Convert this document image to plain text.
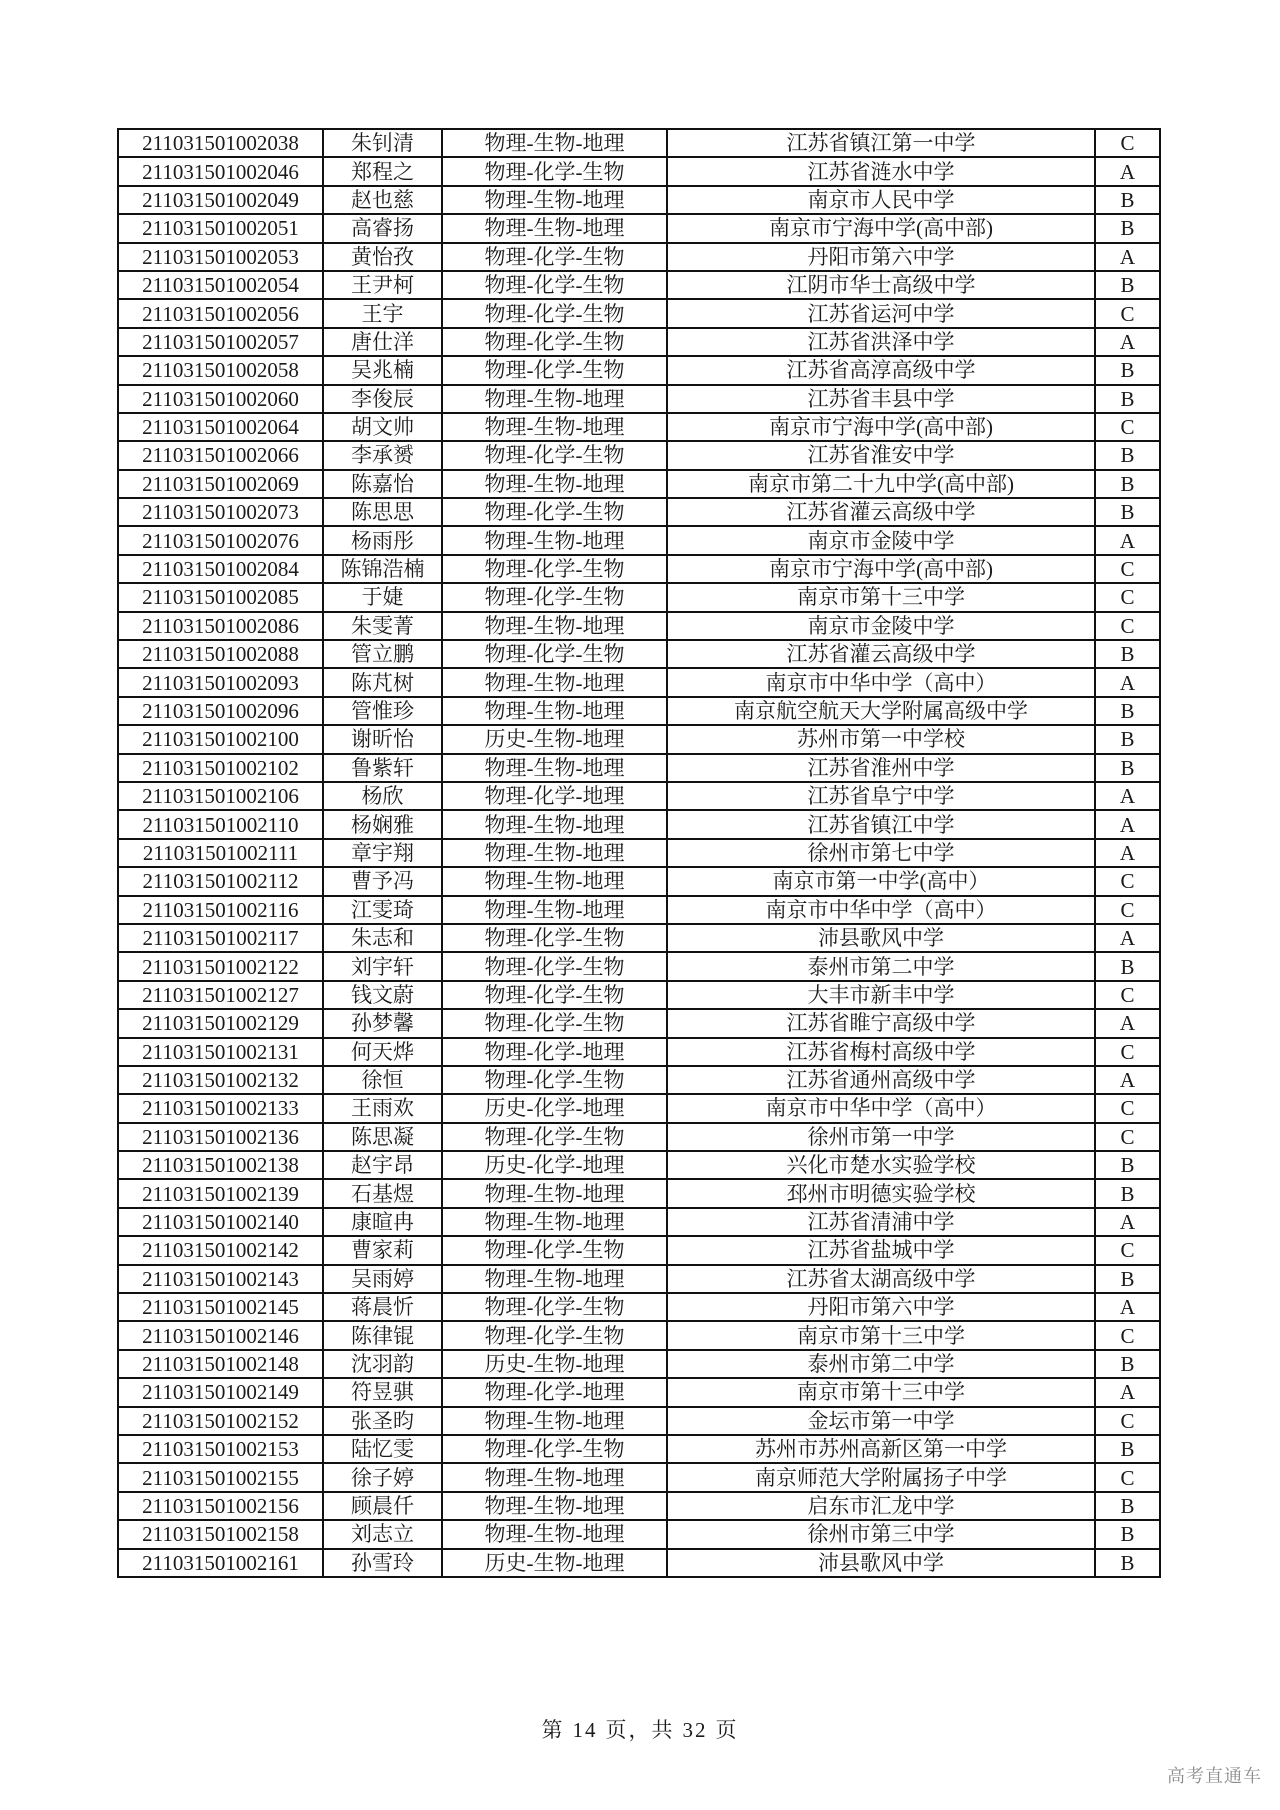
211031501002038	朱钊清	物理-生物-地理	江苏省镇江第一中学	C
211031501002046	郑程之	物理-化学-生物	江苏省涟水中学	A
211031501002049	赵也慈	物理-生物-地理	南京市人民中学	B
211031501002051	高睿扬	物理-生物-地理	南京市宁海中学(高中部)	B
211031501002053	黄怡孜	物理-化学-生物	丹阳市第六中学	A
211031501002054	王尹柯	物理-化学-生物	江阴市华士高级中学	B
211031501002056	王宇	物理-化学-生物	江苏省运河中学	C
211031501002057	唐仕洋	物理-化学-生物	江苏省洪泽中学	A
211031501002058	吴兆楠	物理-化学-生物	江苏省高淳高级中学	B
211031501002060	李俊辰	物理-生物-地理	江苏省丰县中学	B
211031501002064	胡文帅	物理-生物-地理	南京市宁海中学(高中部)	C
211031501002066	李承赟	物理-化学-生物	江苏省淮安中学	B
211031501002069	陈嘉怡	物理-生物-地理	南京市第二十九中学(高中部)	B
211031501002073	陈思思	物理-化学-生物	江苏省灌云高级中学	B
211031501002076	杨雨彤	物理-生物-地理	南京市金陵中学	A
211031501002084	陈锦浩楠	物理-化学-生物	南京市宁海中学(高中部)	C
211031501002085	于婕	物理-化学-生物	南京市第十三中学	C
211031501002086	朱雯菁	物理-生物-地理	南京市金陵中学	C
211031501002088	管立鹏	物理-化学-生物	江苏省灌云高级中学	B
211031501002093	陈芃树	物理-生物-地理	南京市中华中学（高中）	A
211031501002096	管惟珍	物理-生物-地理	南京航空航天大学附属高级中学	B
211031501002100	谢昕怡	历史-生物-地理	苏州市第一中学校	B
211031501002102	鲁紫轩	物理-生物-地理	江苏省淮州中学	B
211031501002106	杨欣	物理-化学-地理	江苏省阜宁中学	A
211031501002110	杨娴雅	物理-生物-地理	江苏省镇江中学	A
211031501002111	章宇翔	物理-生物-地理	徐州市第七中学	A
211031501002112	曹予冯	物理-生物-地理	南京市第一中学(高中）	C
211031501002116	江雯琦	物理-生物-地理	南京市中华中学（高中）	C
211031501002117	朱志和	物理-化学-生物	沛县歌风中学	A
211031501002122	刘宇轩	物理-化学-生物	泰州市第二中学	B
211031501002127	钱文蔚	物理-化学-生物	大丰市新丰中学	C
211031501002129	孙梦馨	物理-化学-生物	江苏省睢宁高级中学	A
211031501002131	何天烨	物理-化学-地理	江苏省梅村高级中学	C
211031501002132	徐恒	物理-化学-生物	江苏省通州高级中学	A
211031501002133	王雨欢	历史-化学-地理	南京市中华中学（高中）	C
211031501002136	陈思凝	物理-化学-生物	徐州市第一中学	C
211031501002138	赵宇昂	历史-化学-地理	兴化市楚水实验学校	B
211031501002139	石基煜	物理-生物-地理	邳州市明德实验学校	B
211031501002140	康暄冉	物理-生物-地理	江苏省清浦中学	A
211031501002142	曹家莉	物理-化学-生物	江苏省盐城中学	C
211031501002143	吴雨婷	物理-生物-地理	江苏省太湖高级中学	B
211031501002145	蒋晨忻	物理-化学-生物	丹阳市第六中学	A
211031501002146	陈律锟	物理-化学-生物	南京市第十三中学	C
211031501002148	沈羽韵	历史-生物-地理	泰州市第二中学	B
211031501002149	符昱骐	物理-化学-地理	南京市第十三中学	A
211031501002152	张圣昀	物理-生物-地理	金坛市第一中学	C
211031501002153	陆忆雯	物理-化学-生物	苏州市苏州高新区第一中学	B
211031501002155	徐子婷	物理-生物-地理	南京师范大学附属扬子中学	C
211031501002156	顾晨仟	物理-生物-地理	启东市汇龙中学	B
211031501002158	刘志立	物理-生物-地理	徐州市第三中学	B
211031501002161	孙雪玲	历史-生物-地理	沛县歌风中学	B
第 14 页，共 32 页
高考直通车
